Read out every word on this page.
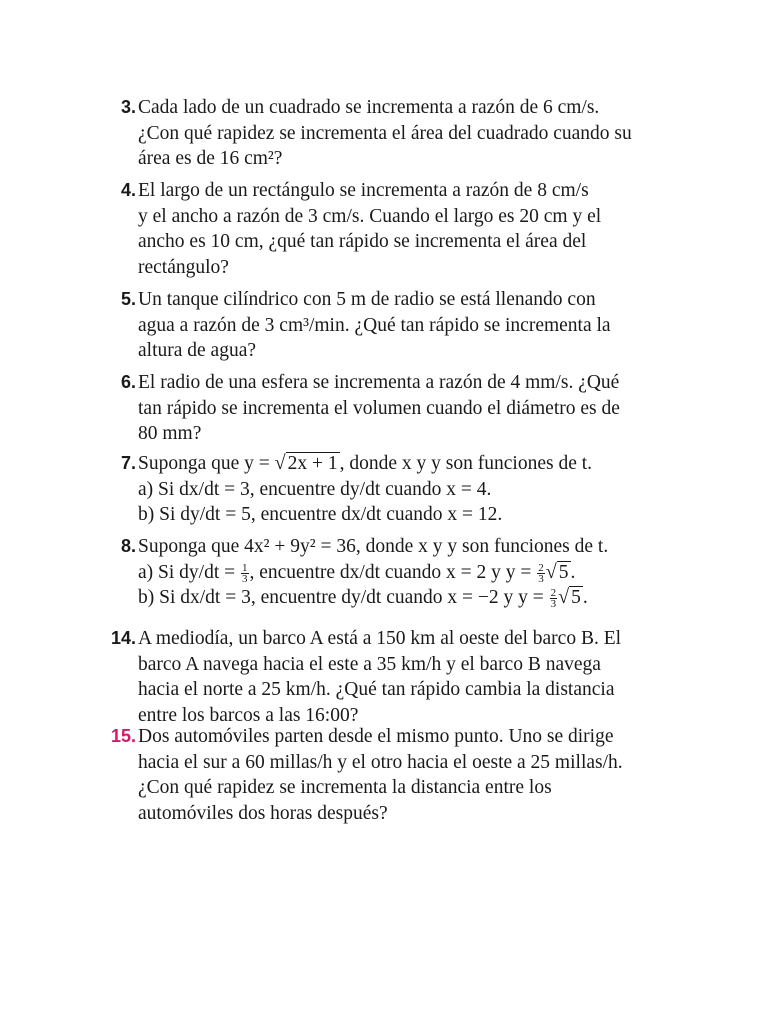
3. Cada lado de un cuadrado se incrementa a razón de 6 cm/s.
¿Con qué rapidez se incrementa el área del cuadrado cuando su
área es de 16 cm²?
4. El largo de un rectángulo se incrementa a razón de 8 cm/s
y el ancho a razón de 3 cm/s. Cuando el largo es 20 cm y el
ancho es 10 cm, ¿qué tan rápido se incrementa el área del
rectángulo?
5. Un tanque cilíndrico con 5 m de radio se está llenando con
agua a razón de 3 cm³/min. ¿Qué tan rápido se incrementa la
altura de agua?
6. El radio de una esfera se incrementa a razón de 4 mm/s. ¿Qué
tan rápido se incrementa el volumen cuando el diámetro es de
80 mm?
7. Suponga que y = √ 2x + 1 , donde x y y son funciones de t.
a) Si dx/dt = 3, encuentre dy/dt cuando x = 4.
b) Si dy/dt = 5, encuentre dx/dt cuando x = 12.
8. Suponga que 4x² + 9y² = 36, donde x y y son funciones de t.
a) Si $dy/dt = \frac{1}{3}$ , encuentre dx/dt cuando x = 2 y $y = \frac{2}{3}$ √ 5 .
b) Si dx/dt = 3, encuentre dy/dt cuando x = −2 y $y = \frac{2}{3}$ √ 5 .
14. A mediodía, un barco A está a 150 km al oeste del barco B. El
barco A navega hacia el este a 35 km/h y el barco B navega
hacia el norte a 25 km/h. ¿Qué tan rápido cambia la distancia
entre los barcos a las 16:00?
15. Dos automóviles parten desde el mismo punto. Uno se dirige
hacia el sur a 60 millas/h y el otro hacia el oeste a 25 millas/h.
¿Con qué rapidez se incrementa la distancia entre los
automóviles dos horas después?
